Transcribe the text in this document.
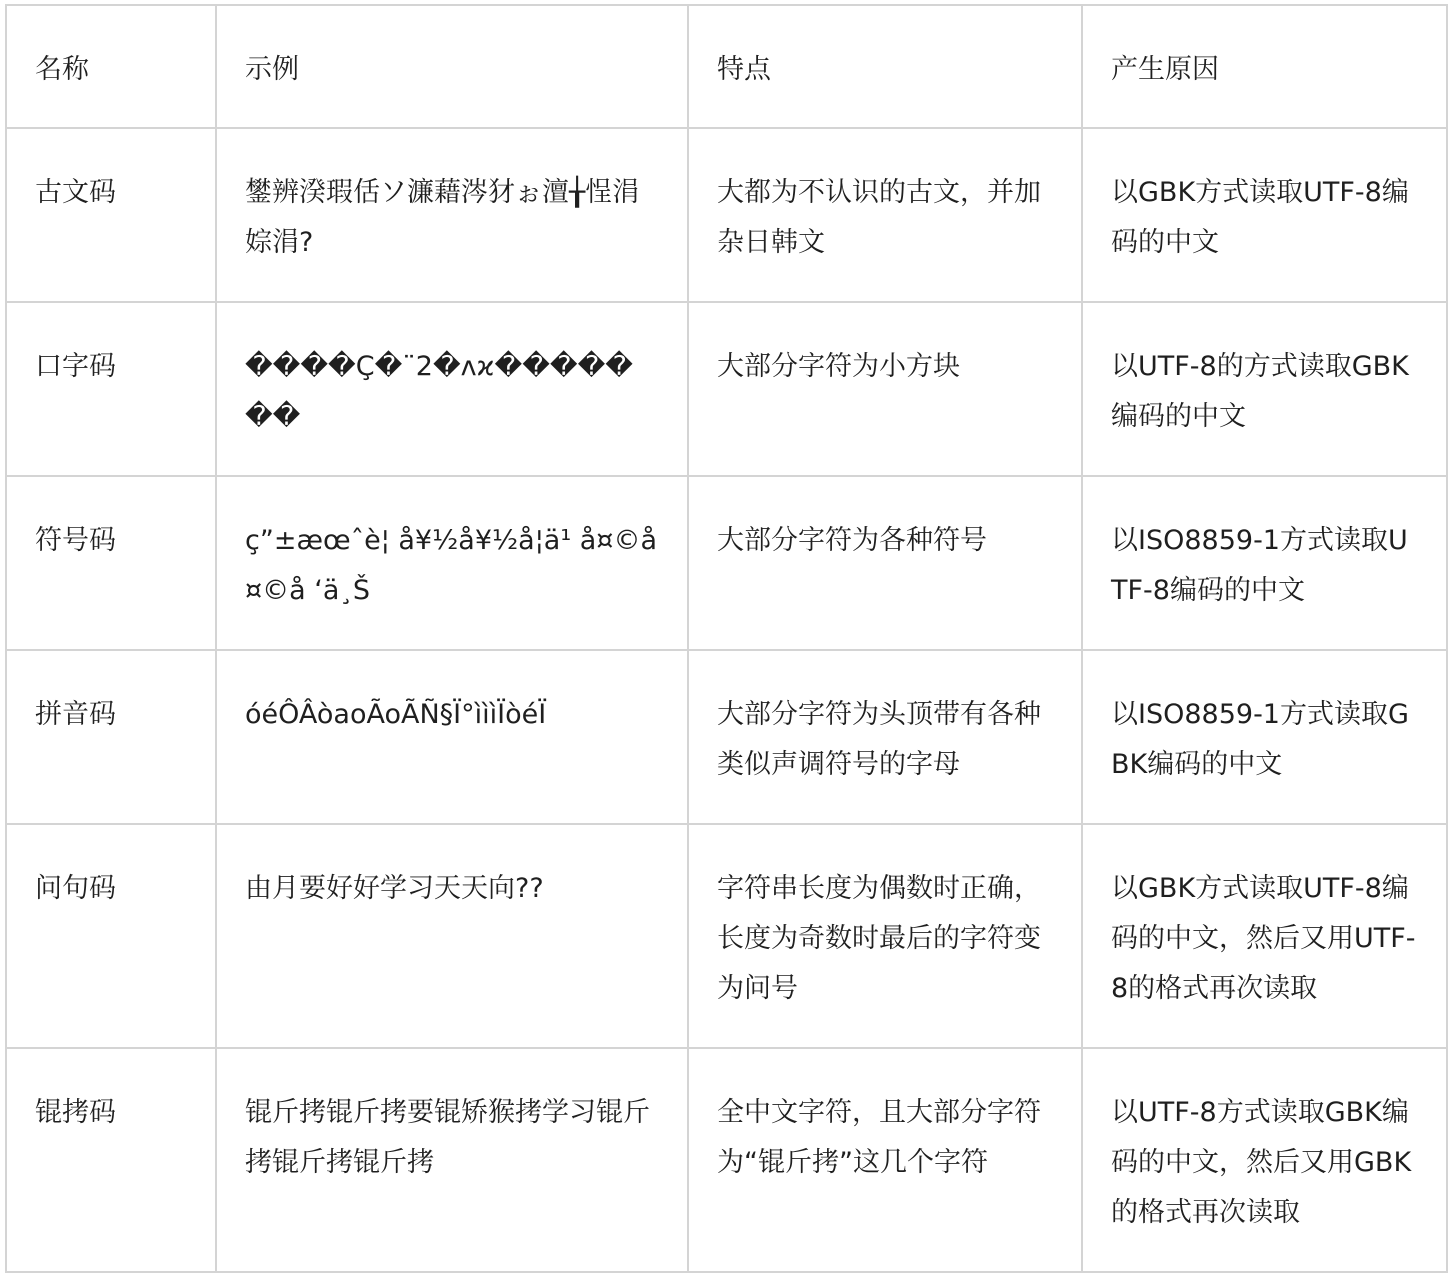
名称	示例	特点	产生原因
古文码	鐢辨湀瑕佸ソ濂藉涔犲ぉ澶╁悜涓婃涓?	大都为不认识的古文，并加杂日韩文	以GBK方式读取UTF-8编码的中文
口字码	����Ç�¨2�ʌϰ�������	大部分字符为小方块	以UTF-8的方式读取GBK编码的中文
符号码	ç”±æœˆè¦ å¥½å¥½å¦ä¹ å¤©å¤©å ‘ä¸Š	大部分字符为各种符号	以ISO8859-1方式读取UTF-8编码的中文
拼音码	óéÔÂòaoÃoÃÑ§Ï°ìììÏòéÏ	大部分字符为头顶带有各种类似声调符号的字母	以ISO8859-1方式读取GBK编码的中文
问句码	由月要好好学习天天向??	字符串长度为偶数时正确，长度为奇数时最后的字符变为问号	以GBK方式读取UTF-8编码的中文，然后又用UTF-8的格式再次读取
锟拷码	锟斤拷锟斤拷要锟矫猴拷学习锟斤拷锟斤拷锟斤拷	全中文字符，且大部分字符为“锟斤拷”这几个字符	以UTF-8方式读取GBK编码的中文，然后又用GBK的格式再次读取
